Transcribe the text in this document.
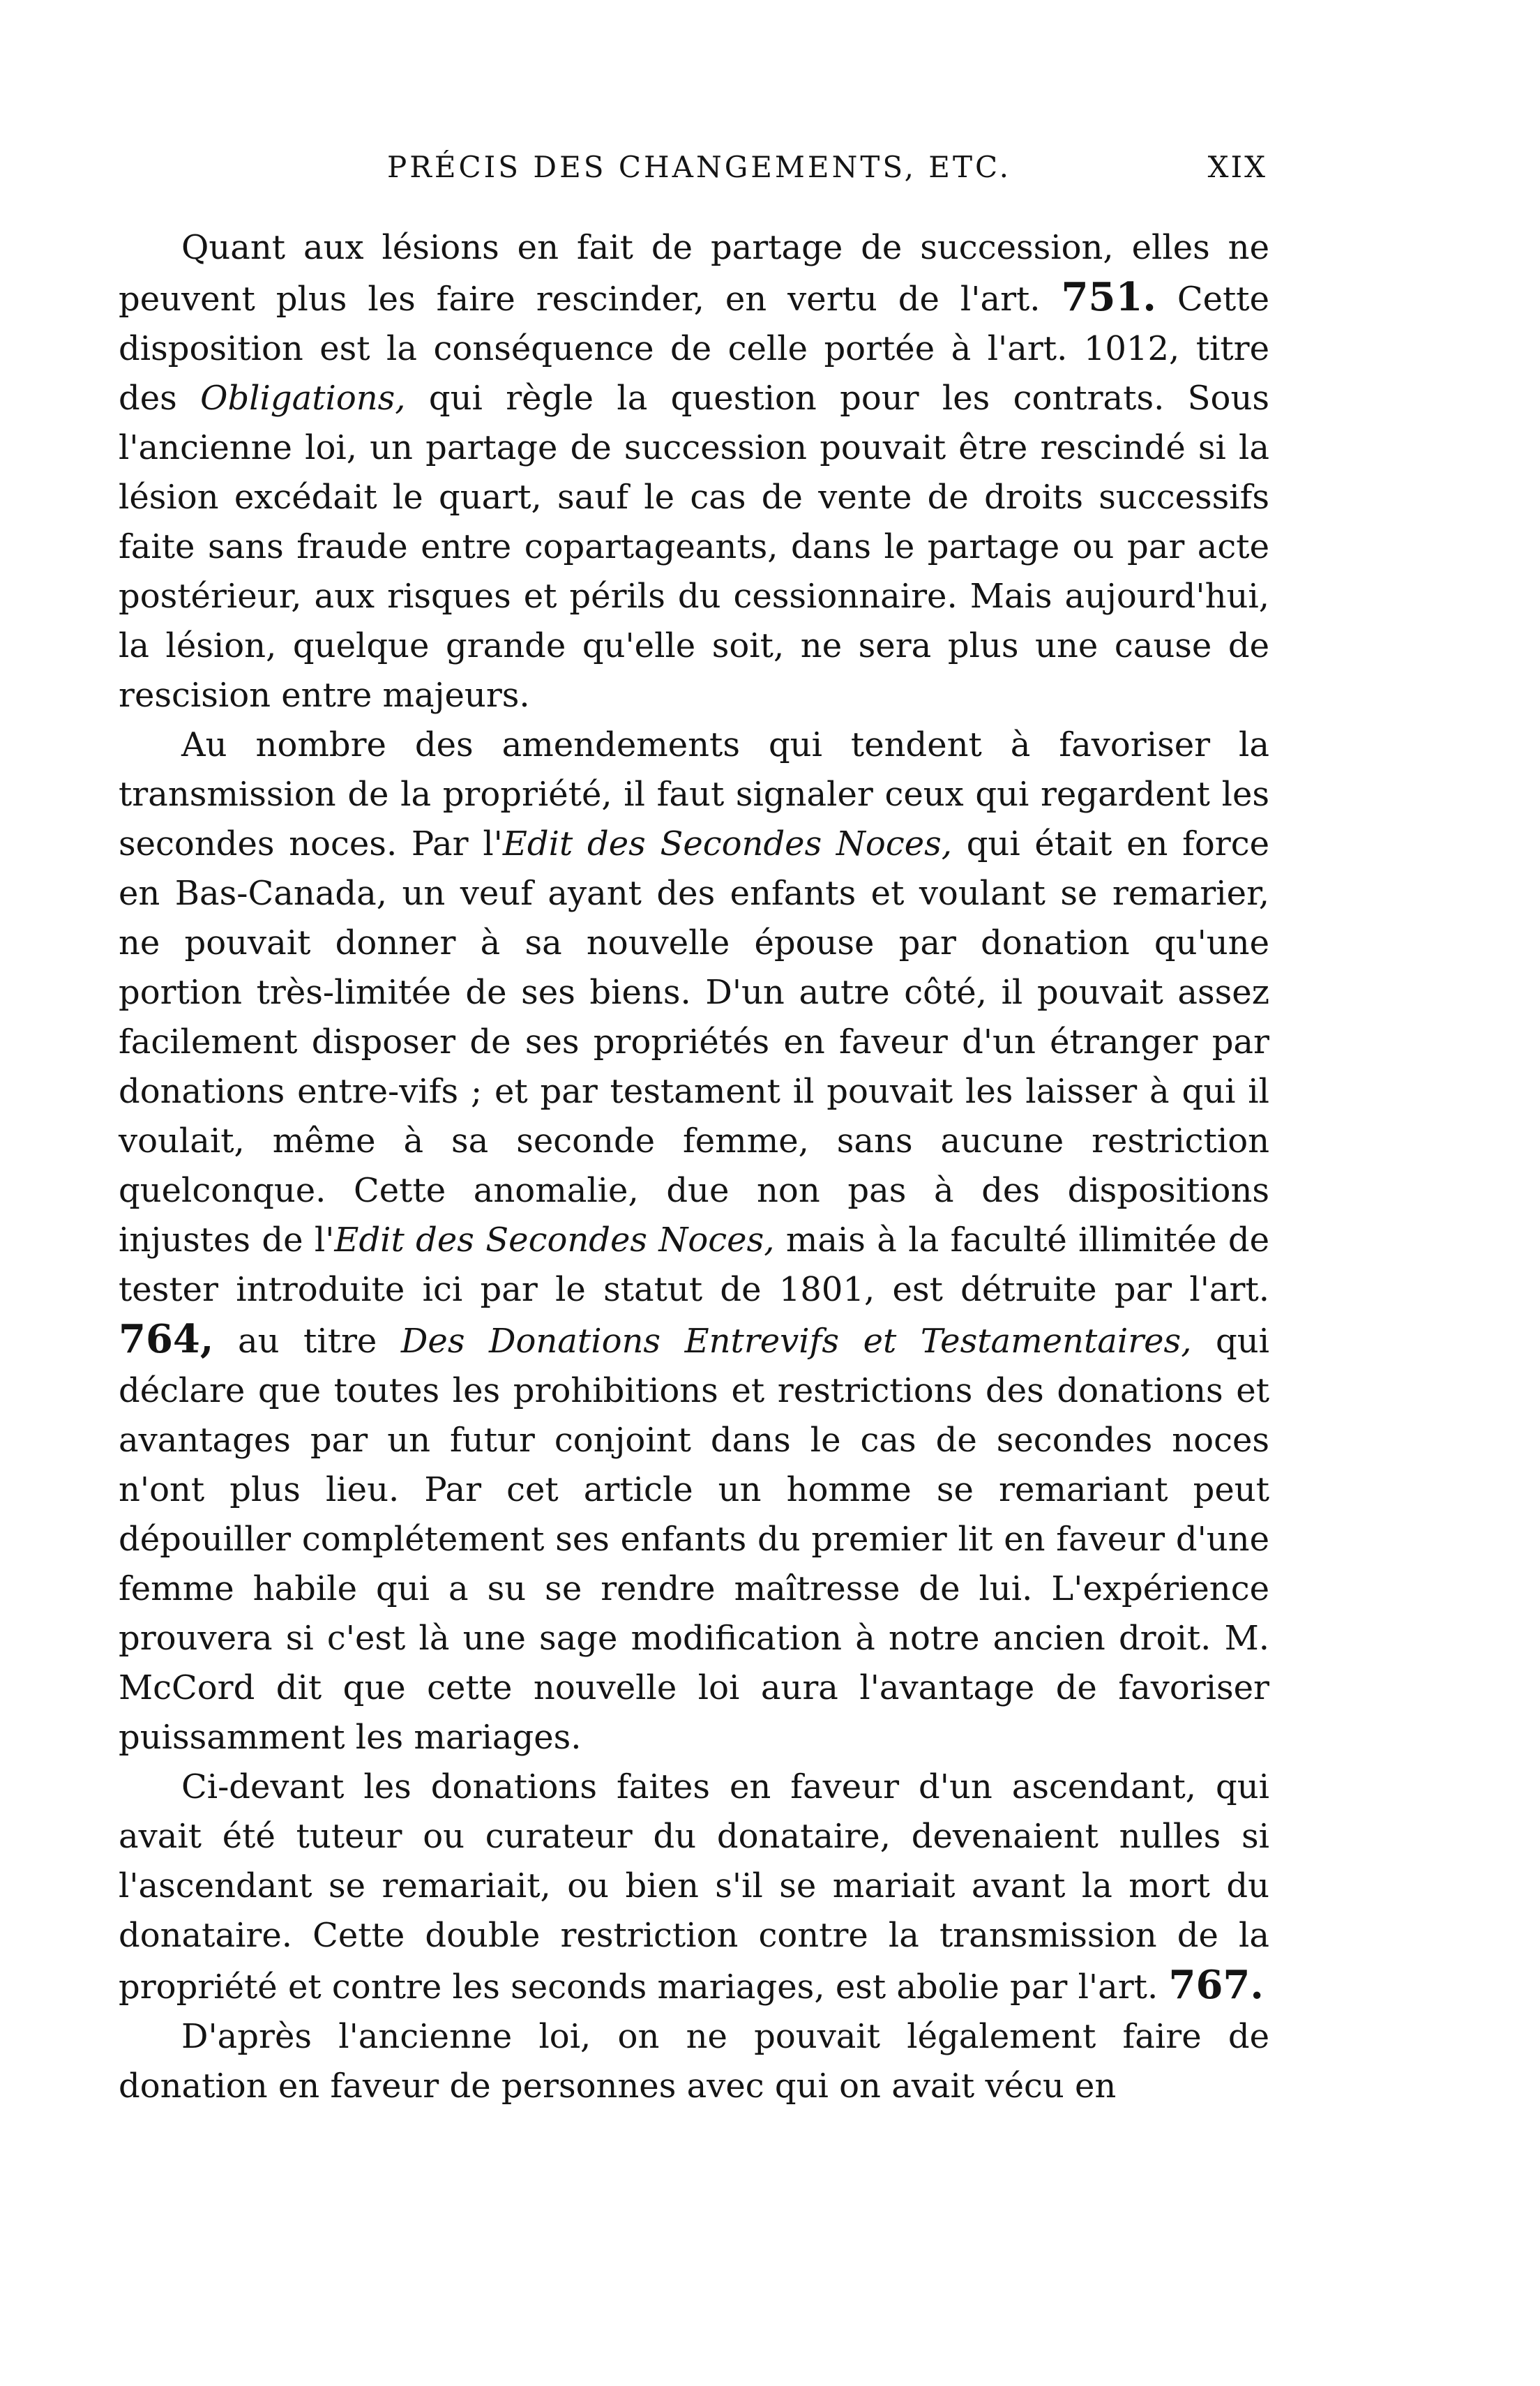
PRÉCIS DES CHANGEMENTS, ETC.	XIX

Quant aux lésions en fait de partage de succession, elles ne peuvent plus les faire rescinder, en vertu de l'art. 751. Cette disposition est la conséquence de celle portée à l'art. 1012, titre des Obligations, qui règle la question pour les contrats. Sous l'ancienne loi, un partage de succession pouvait être rescindé si la lésion excédait le quart, sauf le cas de vente de droits successifs faite sans fraude entre copartageants, dans le partage ou par acte postérieur, aux risques et périls du cessionnaire. Mais aujourd'hui, la lésion, quelque grande qu'elle soit, ne sera plus une cause de rescision entre majeurs.

Au nombre des amendements qui tendent à favoriser la transmission de la propriété, il faut signaler ceux qui regardent les secondes noces. Par l'Edit des Secondes Noces, qui était en force en Bas-Canada, un veuf ayant des enfants et voulant se remarier, ne pouvait donner à sa nouvelle épouse par donation qu'une portion très-limitée de ses biens. D'un autre côté, il pouvait assez facilement disposer de ses propriétés en faveur d'un étranger par donations entre-vifs ; et par testament il pouvait les laisser à qui il voulait, même à sa seconde femme, sans aucune restriction quelconque. Cette anomalie, due non pas à des dispositions injustes de l'Edit des Secondes Noces, mais à la faculté illimitée de tester introduite ici par le statut de 1801, est détruite par l'art. 764, au titre Des Donations Entrevifs et Testamentaires, qui déclare que toutes les prohibitions et restrictions des donations et avantages par un futur conjoint dans le cas de secondes noces n'ont plus lieu. Par cet article un homme se remariant peut dépouiller complétement ses enfants du premier lit en faveur d'une femme habile qui a su se rendre maîtresse de lui. L'expérience prouvera si c'est là une sage modification à notre ancien droit. M. McCord dit que cette nouvelle loi aura l'avantage de favoriser puissamment les mariages.

Ci-devant les donations faites en faveur d'un ascendant, qui avait été tuteur ou curateur du donataire, devenaient nulles si l'ascendant se remariait, ou bien s'il se mariait avant la mort du donataire. Cette double restriction contre la transmission de la propriété et contre les seconds mariages, est abolie par l'art. 767.

D'après l'ancienne loi, on ne pouvait légalement faire de donation en faveur de personnes avec qui on avait vécu en
